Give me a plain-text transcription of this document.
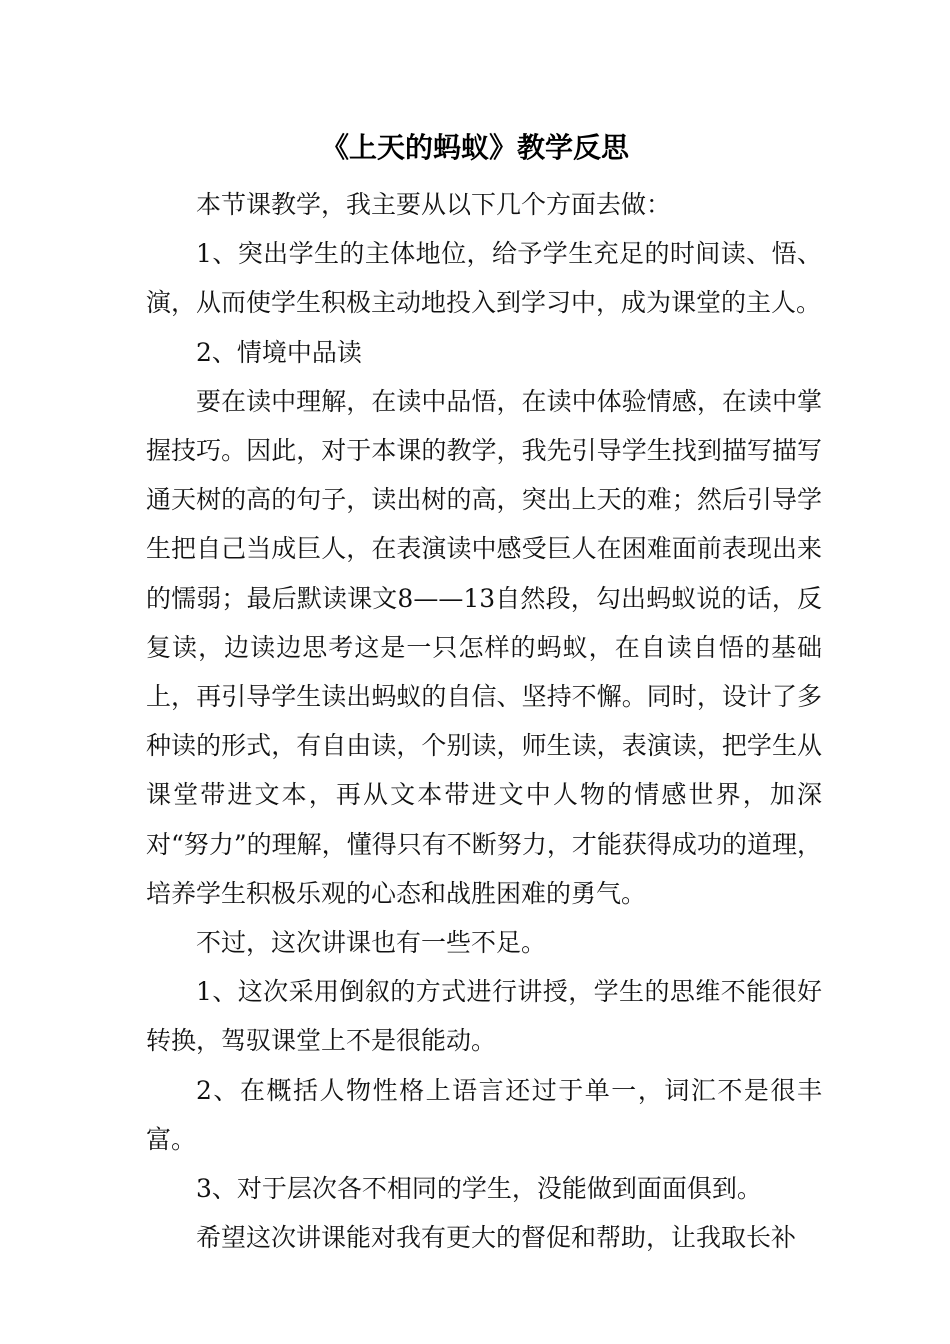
《上天的蚂蚁》教学反思

本节课教学，我主要从以下几个方面去做：

1、突出学生的主体地位，给予学生充足的时间读、悟、演，从而使学生积极主动地投入到学习中，成为课堂的主人。

2、情境中品读

要在读中理解，在读中品悟，在读中体验情感，在读中掌握技巧。因此，对于本课的教学，我先引导学生找到描写描写通天树的高的句子，读出树的高，突出上天的难；然后引导学生把自己当成巨人，在表演读中感受巨人在困难面前表现出来的懦弱；最后默读课文8——13自然段，勾出蚂蚁说的话，反复读，边读边思考这是一只怎样的蚂蚁，在自读自悟的基础上，再引导学生读出蚂蚁的自信、坚持不懈。同时，设计了多种读的形式，有自由读，个别读，师生读，表演读，把学生从课堂带进文本，再从文本带进文中人物的情感世界，加深对“努力”的理解，懂得只有不断努力，才能获得成功的道理，培养学生积极乐观的心态和战胜困难的勇气。

不过，这次讲课也有一些不足。

1、这次采用倒叙的方式进行讲授，学生的思维不能很好转换，驾驭课堂上不是很能动。

2、在概括人物性格上语言还过于单一，词汇不是很丰富。

3、对于层次各不相同的学生，没能做到面面俱到。

希望这次讲课能对我有更大的督促和帮助，让我取长补
